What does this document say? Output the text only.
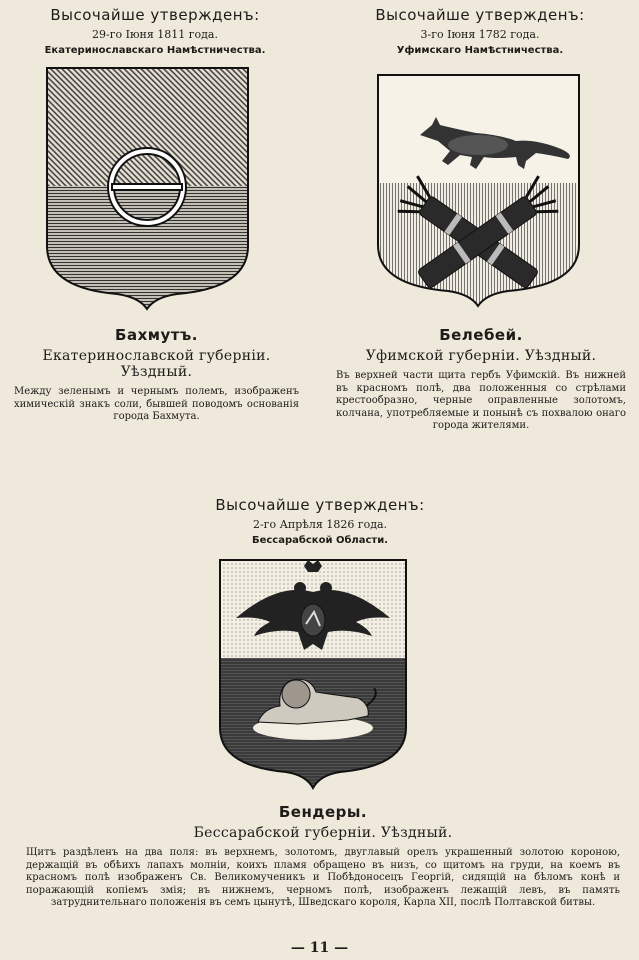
Высочайше утвержденъ:
29-го Іюня 1811 года.
Екатеринославскаго Намѣстничества.
Высочайше утвержденъ:
3-го Іюня 1782 года.
Уфимскаго Намѣстничества.
Бахмутъ.
Екатеринославской губерніи. Уѣздный.
Между зеленымъ и чернымъ полемъ, изображенъ химическій знакъ соли, бывшей поводомъ основанія города Бахмута.
Белебей.
Уфимской губерніи. Уѣздный.
Въ верхней части щита гербъ Уфимскій. Въ нижней въ красномъ полѣ, два положенныя со стрѣлами крестообразно, черные оправленные золотомъ, колчана, употребляемые и понынѣ съ похвалою онаго города жителями.
Высочайше утвержденъ:
2-го Апрѣля 1826 года.
Бессарабской Области.
Бендеры.
Бессарабской губерніи. Уѣздный.
Щитъ раздѣленъ на два поля: въ верхнемъ, золотомъ, двуглавый орелъ украшенный золотою короною, держащій въ обѣихъ лапахъ молніи, коихъ пламя обращено въ низъ, со щитомъ на груди, на коемъ въ красномъ полѣ изображенъ Св. Великомученикъ и Побѣдоносецъ Георгій, сидящій на бѣломъ конѣ и поражающій копіемъ змія; въ нижнемъ, черномъ полѣ, изображенъ лежащій левъ, въ память затруднительнаго положенія въ семъ цынутѣ, Шведскаго короля, Карла XII, послѣ Полтавской битвы.
— 11 —
